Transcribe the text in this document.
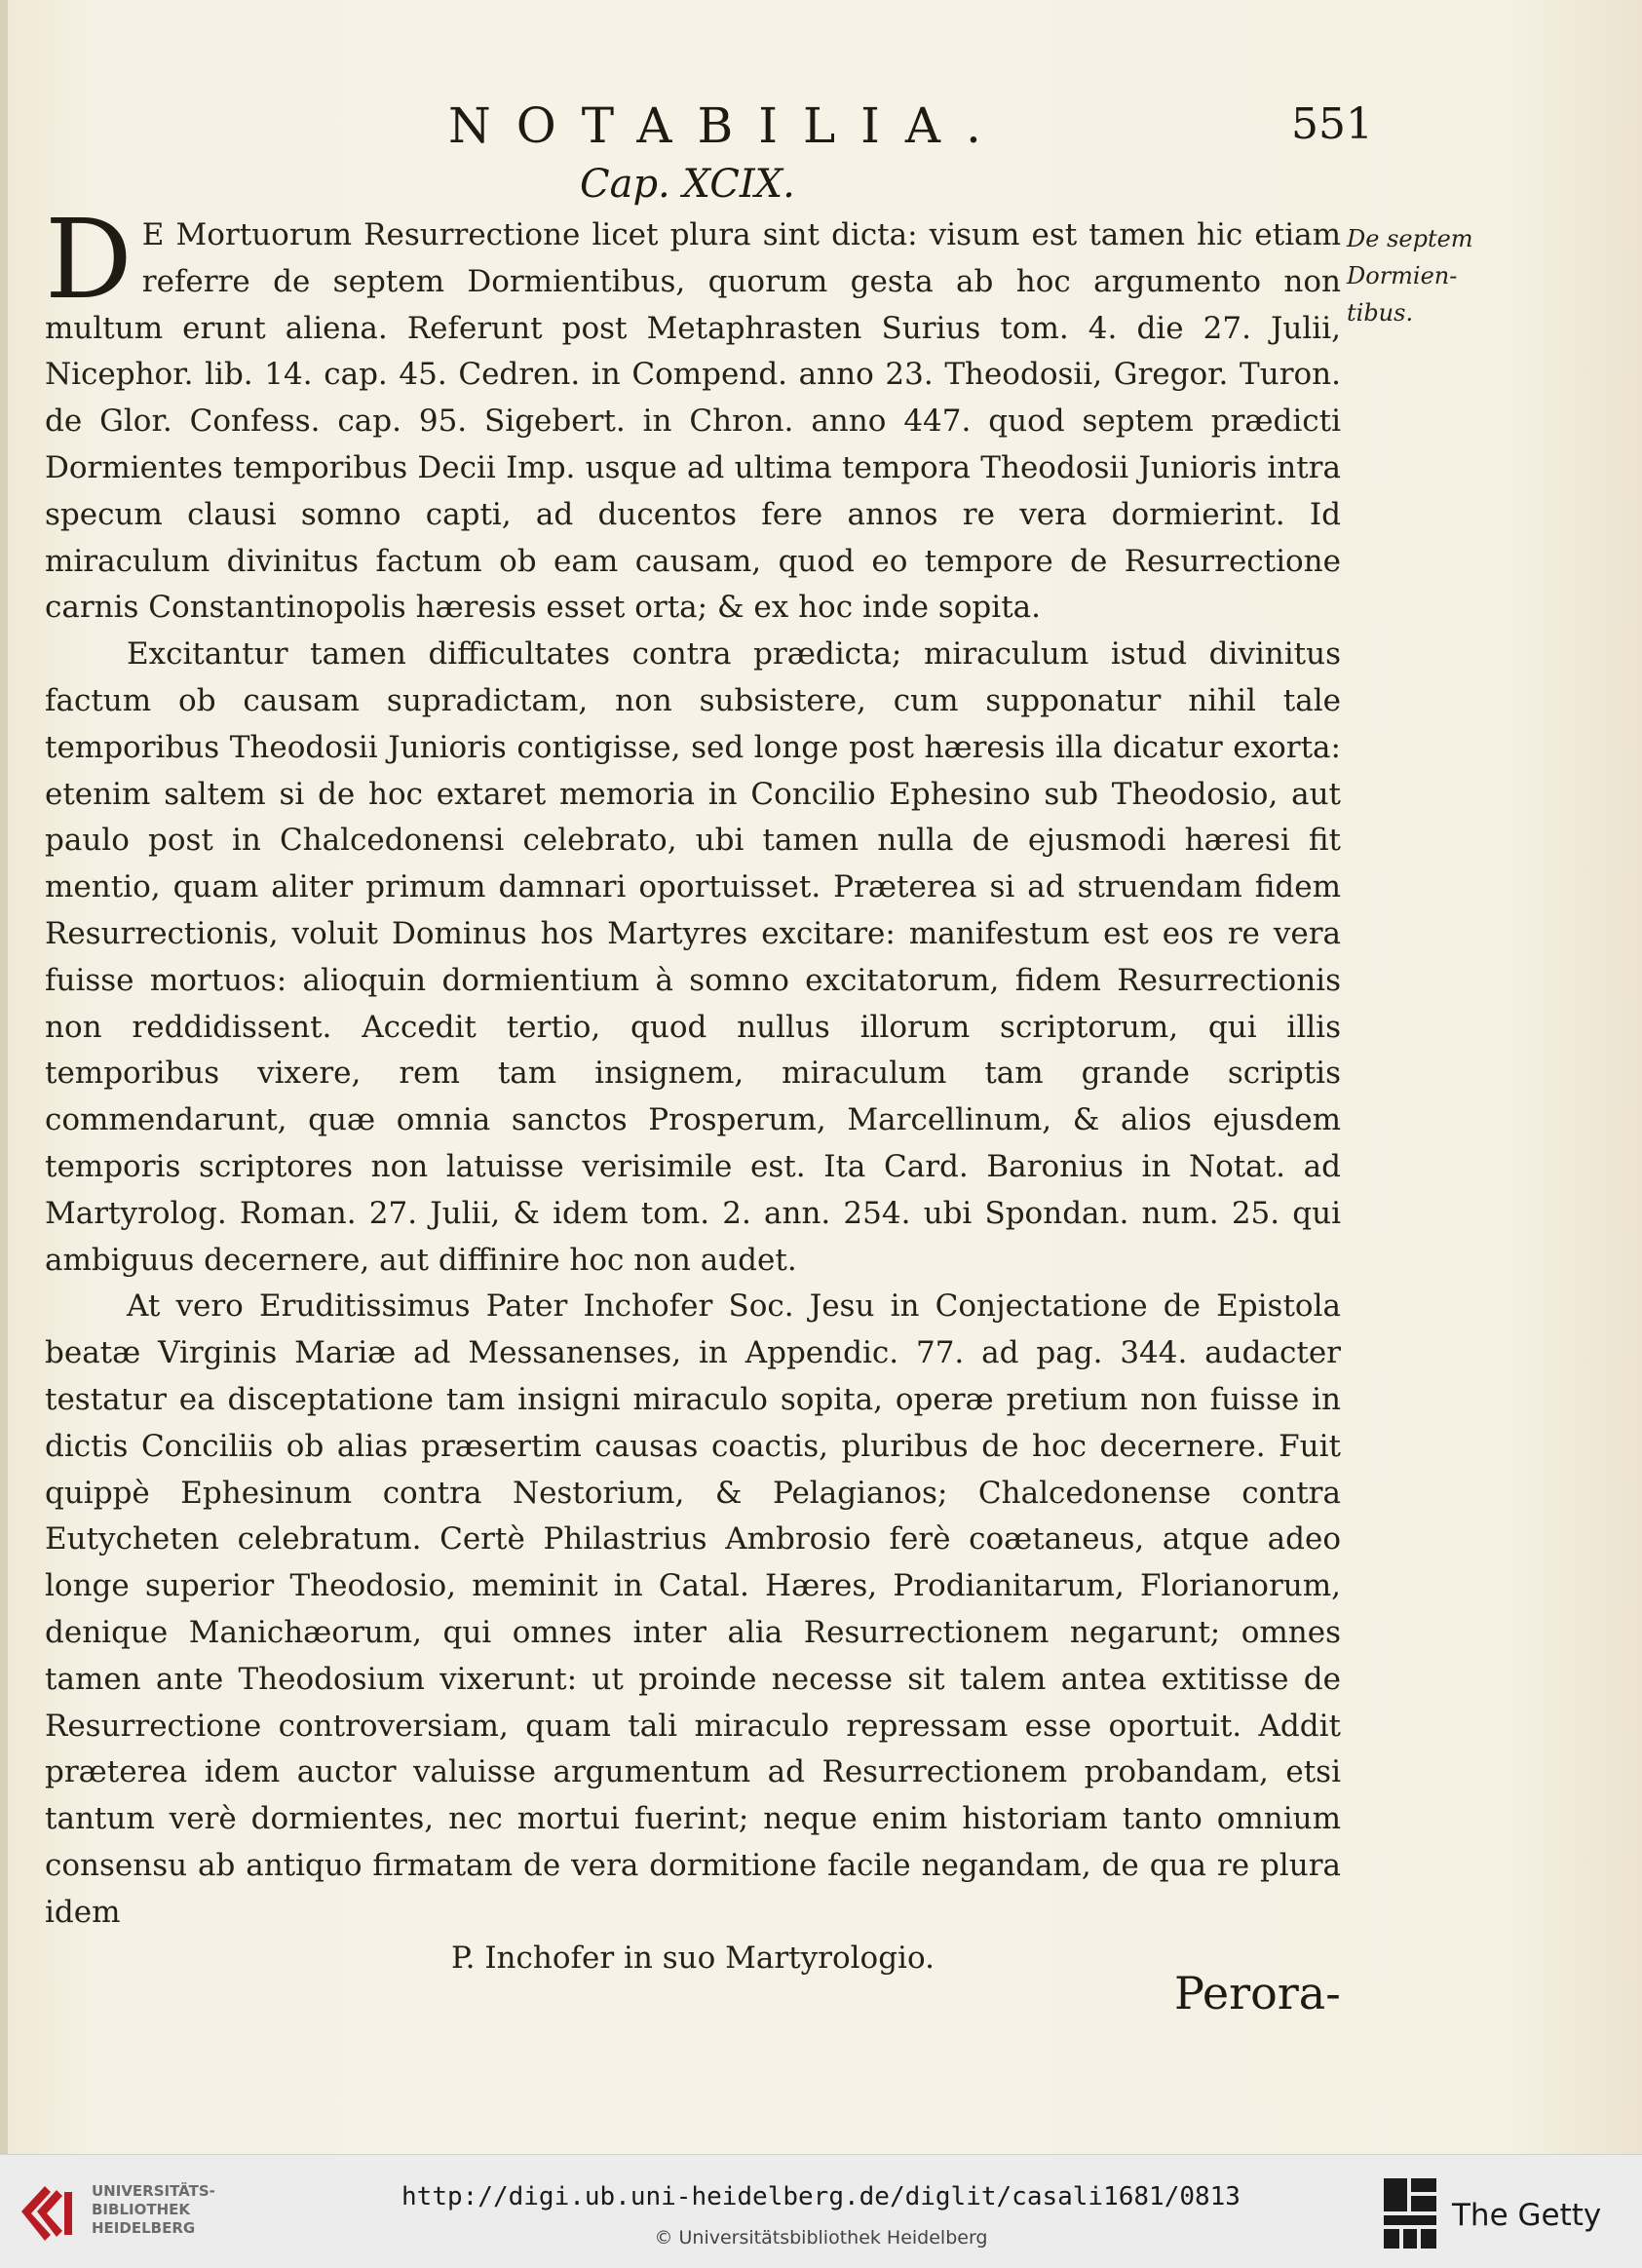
NOTABILIA.	551
Cap. XCIX.
De septem
Dormien-
tibus.

D E Mortuorum Resurrectione licet plura sint dicta: visum est tamen hic etiam referre de septem Dormientibus, quorum gesta ab hoc argumento non multum erunt aliena. Referunt post Metaphrasten Surius tom. 4. die 27. Julii, Nicephor. lib. 14. cap. 45. Cedren. in Compend. anno 23. Theodosii, Gregor. Turon. de Glor. Confess. cap. 95. Sigebert. in Chron. anno 447. quod septem prædicti Dormientes temporibus Decii Imp. usque ad ultima tempora Theodosii Junioris intra specum clausi somno capti, ad ducentos fere annos re vera dormierint. Id miraculum divinitus factum ob eam causam, quod eo tempore de Resurrectione carnis Constantinopolis hæresis esset orta; & ex hoc inde sopita.

Excitantur tamen difficultates contra prædicta; miraculum istud divinitus factum ob causam supradictam, non subsistere, cum supponatur nihil tale temporibus Theodosii Junioris contigisse, sed longe post hæresis illa dicatur exorta: etenim saltem si de hoc extaret memoria in Concilio Ephesino sub Theodosio, aut paulo post in Chalcedonensi celebrato, ubi tamen nulla de ejusmodi hæresi fit mentio, quam aliter primum damnari oportuisset. Præterea si ad struendam fidem Resurrectionis, voluit Dominus hos Martyres excitare: manifestum est eos re vera fuisse mortuos: alioquin dormientium à somno excitatorum, fidem Resurrectionis non reddidissent. Accedit tertio, quod nullus illorum scriptorum, qui illis temporibus vixere, rem tam insignem, miraculum tam grande scriptis commendarunt, quæ omnia sanctos Prosperum, Marcellinum, & alios ejusdem temporis scriptores non latuisse verisimile est. Ita Card. Baronius in Notat. ad Martyrolog. Roman. 27. Julii, & idem tom. 2. ann. 254. ubi Spondan. num. 25. qui ambiguus decernere, aut diffinire hoc non audet.

At vero Eruditissimus Pater Inchofer Soc. Jesu in Conjectatione de Epistola beatæ Virginis Mariæ ad Messanenses, in Appendic. 77. ad pag. 344. audacter testatur ea disceptatione tam insigni miraculo sopita, operæ pretium non fuisse in dictis Conciliis ob alias præsertim causas coactis, pluribus de hoc decernere. Fuit quippè Ephesinum contra Nestorium, & Pelagianos; Chalcedonense contra Eutycheten celebratum. Certè Philastrius Ambrosio ferè coætaneus, atque adeo longe superior Theodosio, meminit in Catal. Hæres, Prodianitarum, Florianorum, denique Manichæorum, qui omnes inter alia Resurrectionem negarunt; omnes tamen ante Theodosium vixerunt: ut proinde necesse sit talem antea extitisse de Resurrectione controversiam, quam tali miraculo repressam esse oportuit. Addit præterea idem auctor valuisse argumentum ad Resurrectionem probandam, etsi tantum verè dormientes, nec mortui fuerint; neque enim historiam tanto omnium consensu ab antiquo firmatam de vera dormitione facile negandam, de qua re plura idem

P. Inchofer in suo Martyrologio.

Perora-
UNIVERSITÄTS-
BIBLIOTHEK
HEIDELBERG
http://digi.ub.uni-heidelberg.de/diglit/casali1681/0813
© Universitätsbibliothek Heidelberg
The Getty
